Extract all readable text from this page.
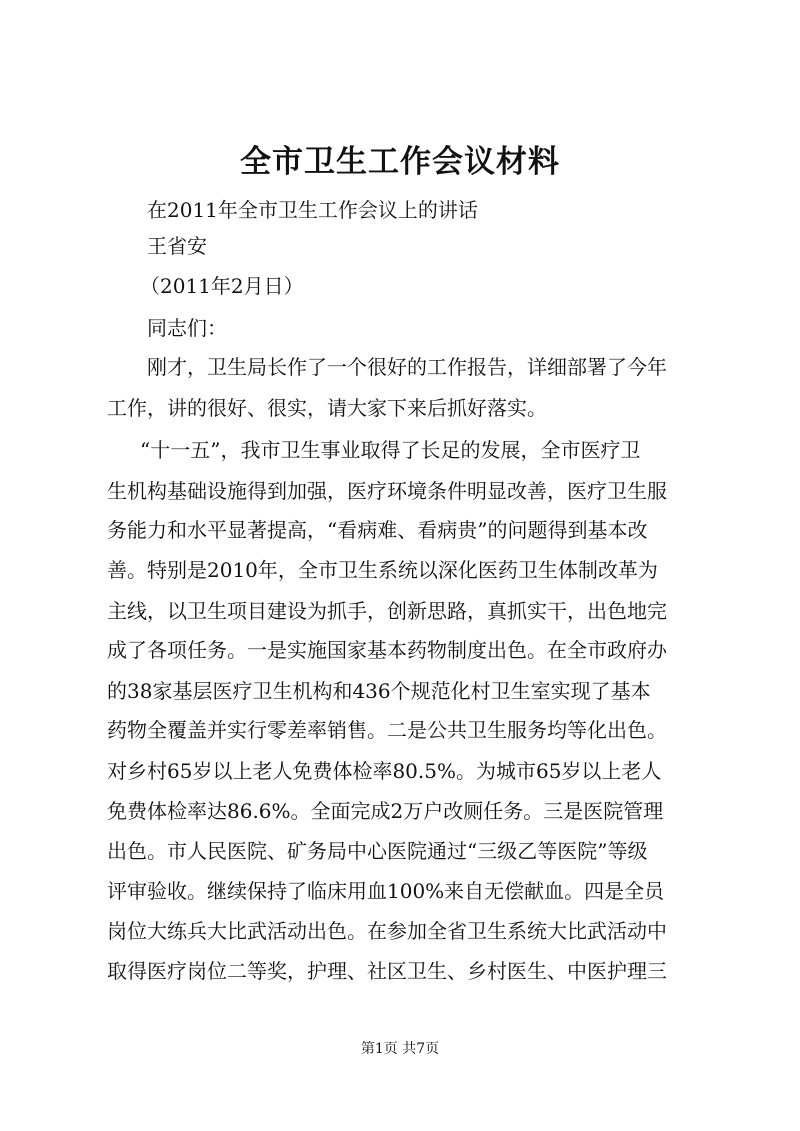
全市卫生工作会议材料
在2011年全市卫生工作会议上的讲话
王省安
（2011年2月日）
同志们：
刚才，卫生局长作了一个很好的工作报告，详细部署了今年
工作，讲的很好、很实，请大家下来后抓好落实。
“十一五”，我市卫生事业取得了长足的发展，全市医疗卫
生机构基础设施得到加强，医疗环境条件明显改善，医疗卫生服
务能力和水平显著提高，“看病难、看病贵”的问题得到基本改
善。特别是2010年，全市卫生系统以深化医药卫生体制改革为
主线，以卫生项目建设为抓手，创新思路，真抓实干，出色地完
成了各项任务。一是实施国家基本药物制度出色。在全市政府办
的38家基层医疗卫生机构和436个规范化村卫生室实现了基本
药物全覆盖并实行零差率销售。二是公共卫生服务均等化出色。
对乡村65岁以上老人免费体检率80.5%。为城市65岁以上老人
免费体检率达86.6%。全面完成2万户改厕任务。三是医院管理
出色。市人民医院、矿务局中心医院通过“三级乙等医院”等级
评审验收。继续保持了临床用血100%来自无偿献血。四是全员
岗位大练兵大比武活动出色。在参加全省卫生系统大比武活动中
取得医疗岗位二等奖，护理、社区卫生、乡村医生、中医护理三
第1页 共7页
